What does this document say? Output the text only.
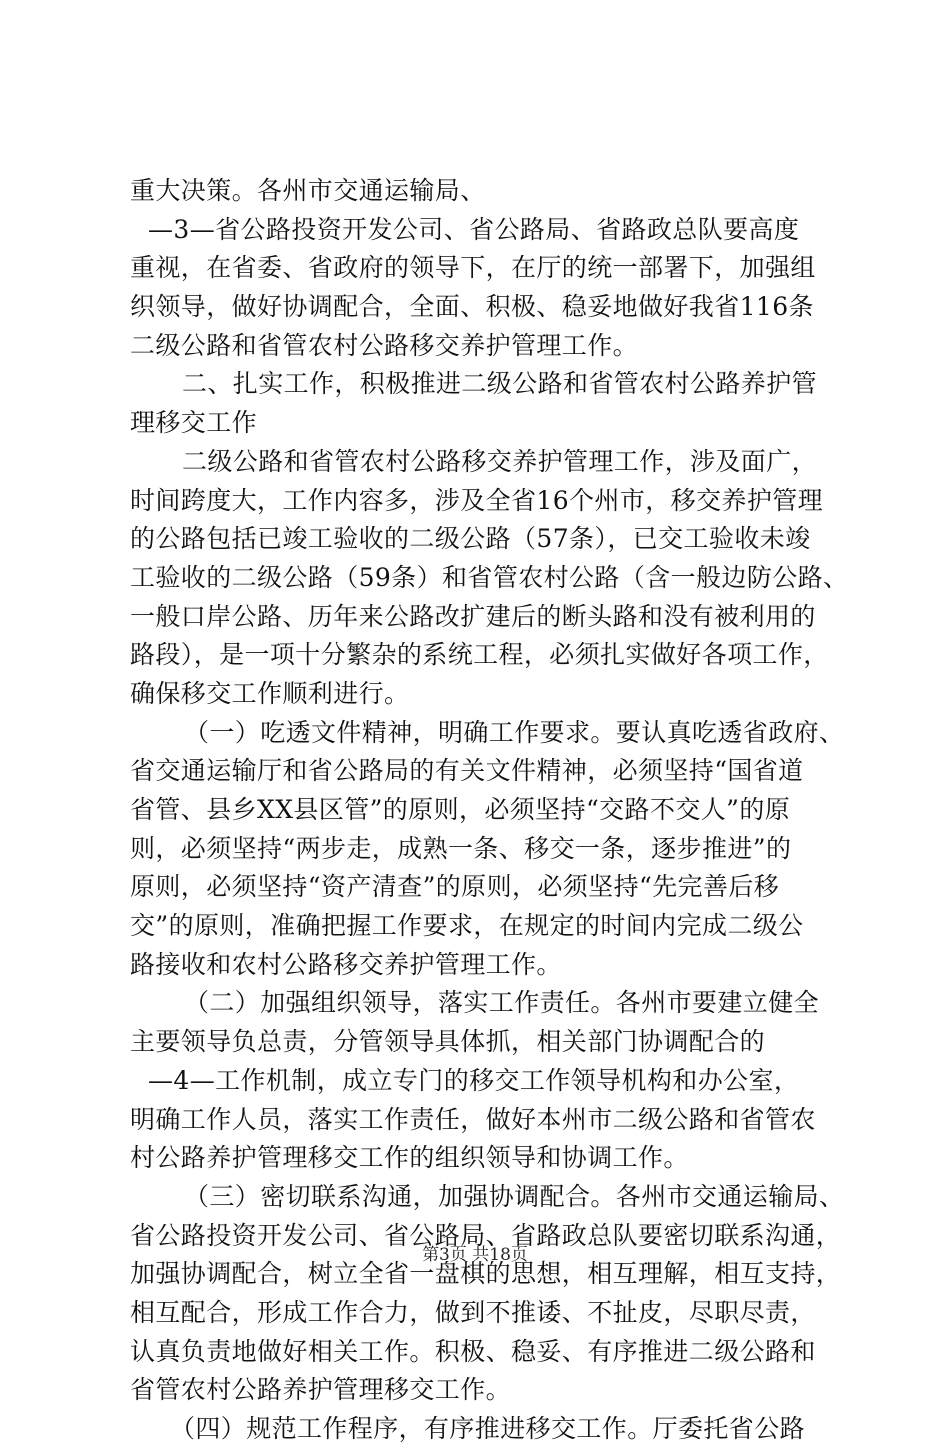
重大决策。各州市交通运输局、
—3—省公路投资开发公司、省公路局、省路政总队要高度
重视，在省委、省政府的领导下，在厅的统一部署下，加强组
织领导，做好协调配合，全面、积极、稳妥地做好我省116条
二级公路和省管农村公路移交养护管理工作。
二、扎实工作，积极推进二级公路和省管农村公路养护管
理移交工作
二级公路和省管农村公路移交养护管理工作，涉及面广，
时间跨度大，工作内容多，涉及全省16个州市，移交养护管理
的公路包括已竣工验收的二级公路（57条），已交工验收未竣
工验收的二级公路（59条）和省管农村公路（含一般边防公路、
一般口岸公路、历年来公路改扩建后的断头路和没有被利用的
路段），是一项十分繁杂的系统工程，必须扎实做好各项工作，
确保移交工作顺利进行。
（一）吃透文件精神，明确工作要求。要认真吃透省政府、
省交通运输厅和省公路局的有关文件精神，必须坚持“国省道
省管、县乡XX县区管”的原则，必须坚持“交路不交人”的原
则，必须坚持“两步走，成熟一条、移交一条，逐步推进”的
原则，必须坚持“资产清查”的原则，必须坚持“先完善后移
交”的原则，准确把握工作要求，在规定的时间内完成二级公
路接收和农村公路移交养护管理工作。
（二）加强组织领导，落实工作责任。各州市要建立健全
主要领导负总责，分管领导具体抓，相关部门协调配合的
—4—工作机制，成立专门的移交工作领导机构和办公室，
明确工作人员，落实工作责任，做好本州市二级公路和省管农
村公路养护管理移交工作的组织领导和协调工作。
（三）密切联系沟通，加强协调配合。各州市交通运输局、
省公路投资开发公司、省公路局、省路政总队要密切联系沟通，
加强协调配合，树立全省一盘棋的思想，相互理解，相互支持，
相互配合，形成工作合力，做到不推诿、不扯皮，尽职尽责，
认真负责地做好相关工作。积极、稳妥、有序推进二级公路和
省管农村公路养护管理移交工作。
（四）规范工作程序，有序推进移交工作。厅委托省公路
第3页 共18页
